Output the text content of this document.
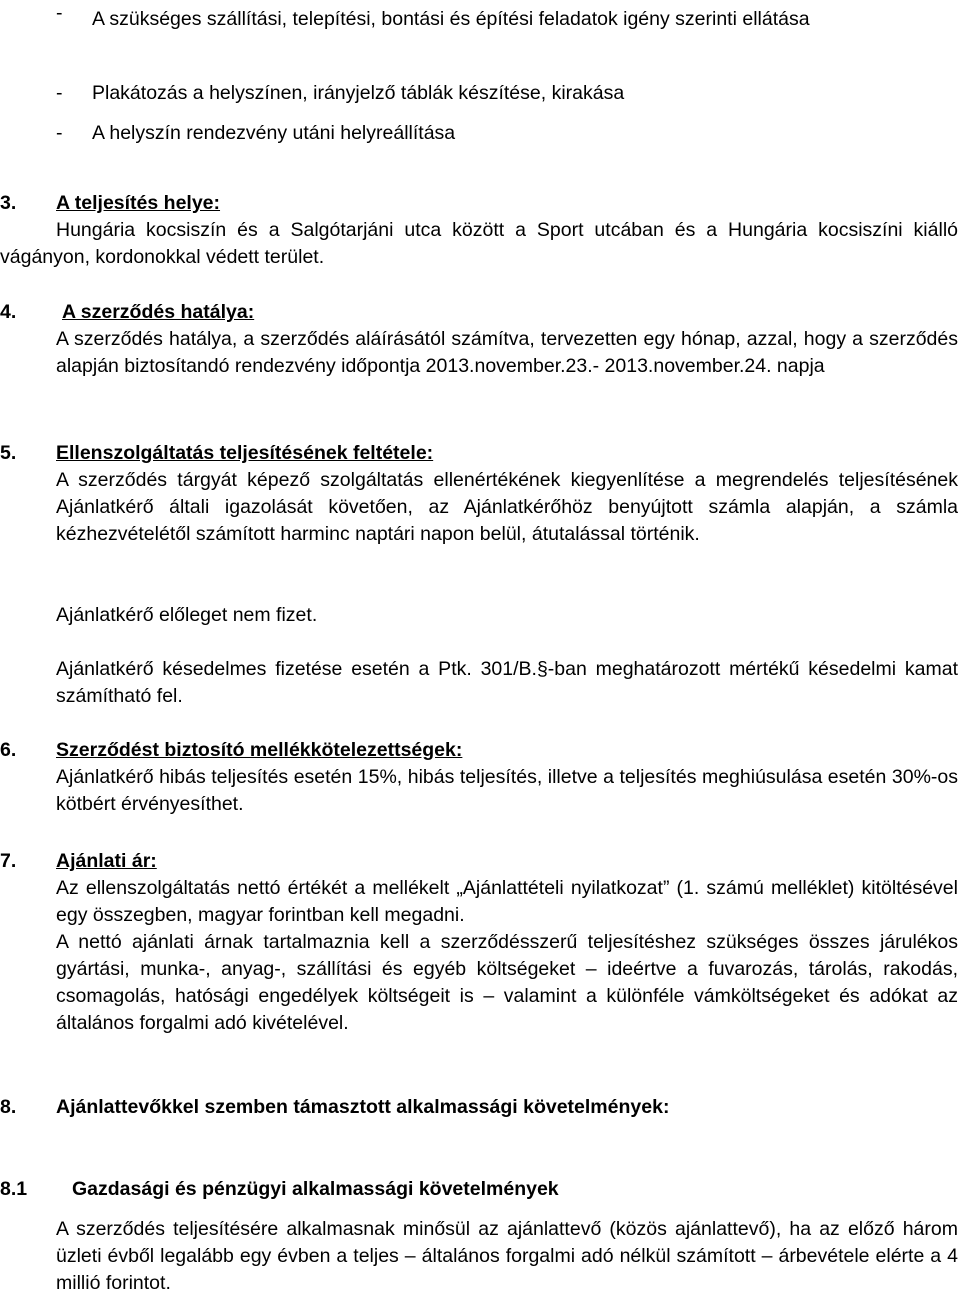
- A szükséges szállítási, telepítési, bontási és építési feladatok igény szerinti ellátása

- Plakátozás a helyszínen, irányjelző táblák készítése, kirakása

- A helyszín rendezvény utáni helyreállítása

3. A teljesítés helye:

Hungária kocsiszín és a Salgótarjáni utca között a Sport utcában és a Hungária kocsiszíni kiálló vágányon, kordonokkal védett terület.

4. A szerződés hatálya:

A szerződés hatálya, a szerződés aláírásától számítva, tervezetten egy hónap, azzal, hogy a szerződés alapján biztosítandó rendezvény időpontja 2013.november.23.- 2013.november.24. napja

5. Ellenszolgáltatás teljesítésének feltétele:

A szerződés tárgyát képező szolgáltatás ellenértékének kiegyenlítése a megrendelés teljesítésének Ajánlatkérő általi igazolását követően, az Ajánlatkérőhöz benyújtott számla alapján, a számla kézhezvételétől számított harminc naptári napon belül, átutalással történik.

Ajánlatkérő előleget nem fizet.

Ajánlatkérő késedelmes fizetése esetén a Ptk. 301/B.§-ban meghatározott mértékű késedelmi kamat számítható fel.

6. Szerződést biztosító mellékkötelezettségek:

Ajánlatkérő hibás teljesítés esetén 15%, hibás teljesítés, illetve a teljesítés meghiúsulása esetén 30%-os kötbért érvényesíthet.

7. Ajánlati ár:

Az ellenszolgáltatás nettó értékét a mellékelt „Ajánlattételi nyilatkozat” (1. számú melléklet) kitöltésével egy összegben, magyar forintban kell megadni.

A nettó ajánlati árnak tartalmaznia kell a szerződésszerű teljesítéshez szükséges összes járulékos gyártási, munka-, anyag-, szállítási és egyéb költségeket – ideértve a fuvarozás, tárolás, rakodás, csomagolás, hatósági engedélyek költségeit is – valamint a különféle vámköltségeket és adókat az általános forgalmi adó kivételével.

8. Ajánlattevőkkel szemben támasztott alkalmassági követelmények:
8.1 Gazdasági és pénzügyi alkalmassági követelmények

A szerződés teljesítésére alkalmasnak minősül az ajánlattevő (közös ajánlattevő), ha az előző három üzleti évből legalább egy évben a teljes – általános forgalmi adó nélkül számított – árbevétele elérte a 4 millió forintot.
